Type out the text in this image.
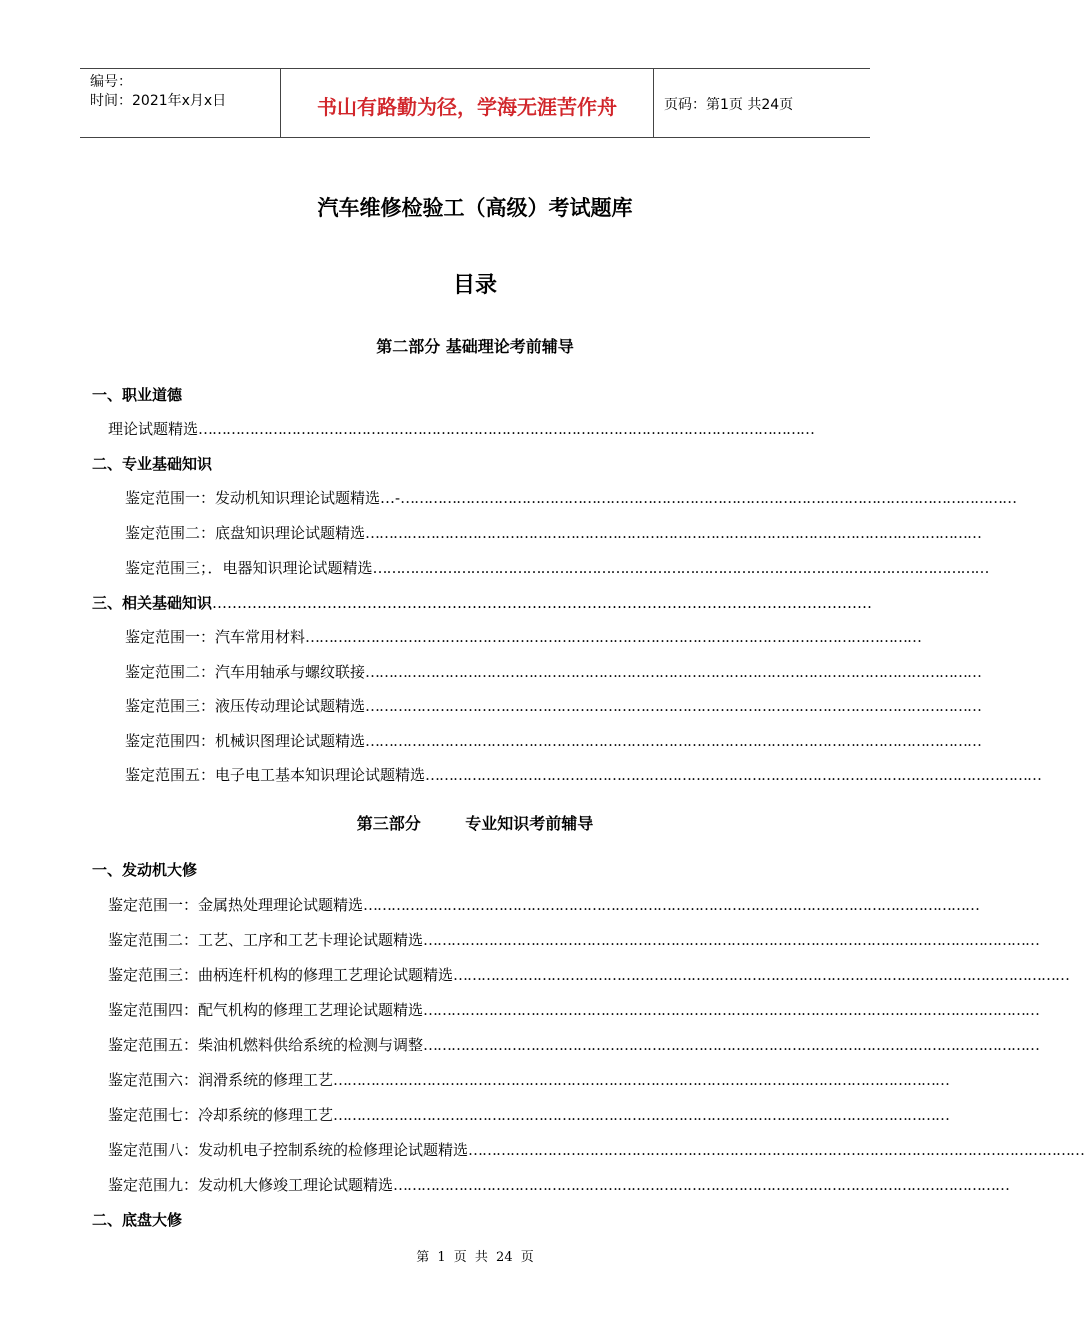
编号：
时间：2021年x月x日	书山有路勤为径，学海无涯苦作舟	页码：第1页 共24页
汽车维修检验工（高级）考试题库
目录
第二部分 基础理论考前辅导
一、职业道德
理论试题精选……………………………………………………………………………………………………………………
二、专业基础知识
鉴定范围一：发动机知识理论试题精选…-……………………………………………………………………………………………………………………
鉴定范围二：底盘知识理论试题精选……………………………………………………………………………………………………………………
鉴定范围三；．电器知识理论试题精选……………………………………………………………………………………………………………………
三、相关基础知识……………………………………………………………………………………………………………………
鉴定范围一：汽车常用材料……………………………………………………………………………………………………………………
鉴定范围二：汽车用轴承与螺纹联接……………………………………………………………………………………………………………………
鉴定范围三：液压传动理论试题精选……………………………………………………………………………………………………………………
鉴定范围四：机械识图理论试题精选……………………………………………………………………………………………………………………
鉴定范围五：电子电工基本知识理论试题精选……………………………………………………………………………………………………………………
第三部分        专业知识考前辅导
一、发动机大修
鉴定范围一：金属热处理理论试题精选……………………………………………………………………………………………………………………
鉴定范围二：工艺、工序和工艺卡理论试题精选……………………………………………………………………………………………………………………
鉴定范围三：曲柄连杆机构的修理工艺理论试题精选……………………………………………………………………………………………………………………
鉴定范围四：配气机构的修理工艺理论试题精选……………………………………………………………………………………………………………………
鉴定范围五：柴油机燃料供给系统的检测与调整……………………………………………………………………………………………………………………
鉴定范围六：润滑系统的修理工艺……………………………………………………………………………………………………………………
鉴定范围七：冷却系统的修理工艺……………………………………………………………………………………………………………………
鉴定范围八：发动机电子控制系统的检修理论试题精选……………………………………………………………………………………………………………………
鉴定范围九：发动机大修竣工理论试题精选……………………………………………………………………………………………………………………
二、底盘大修
第 1 页 共 24 页
